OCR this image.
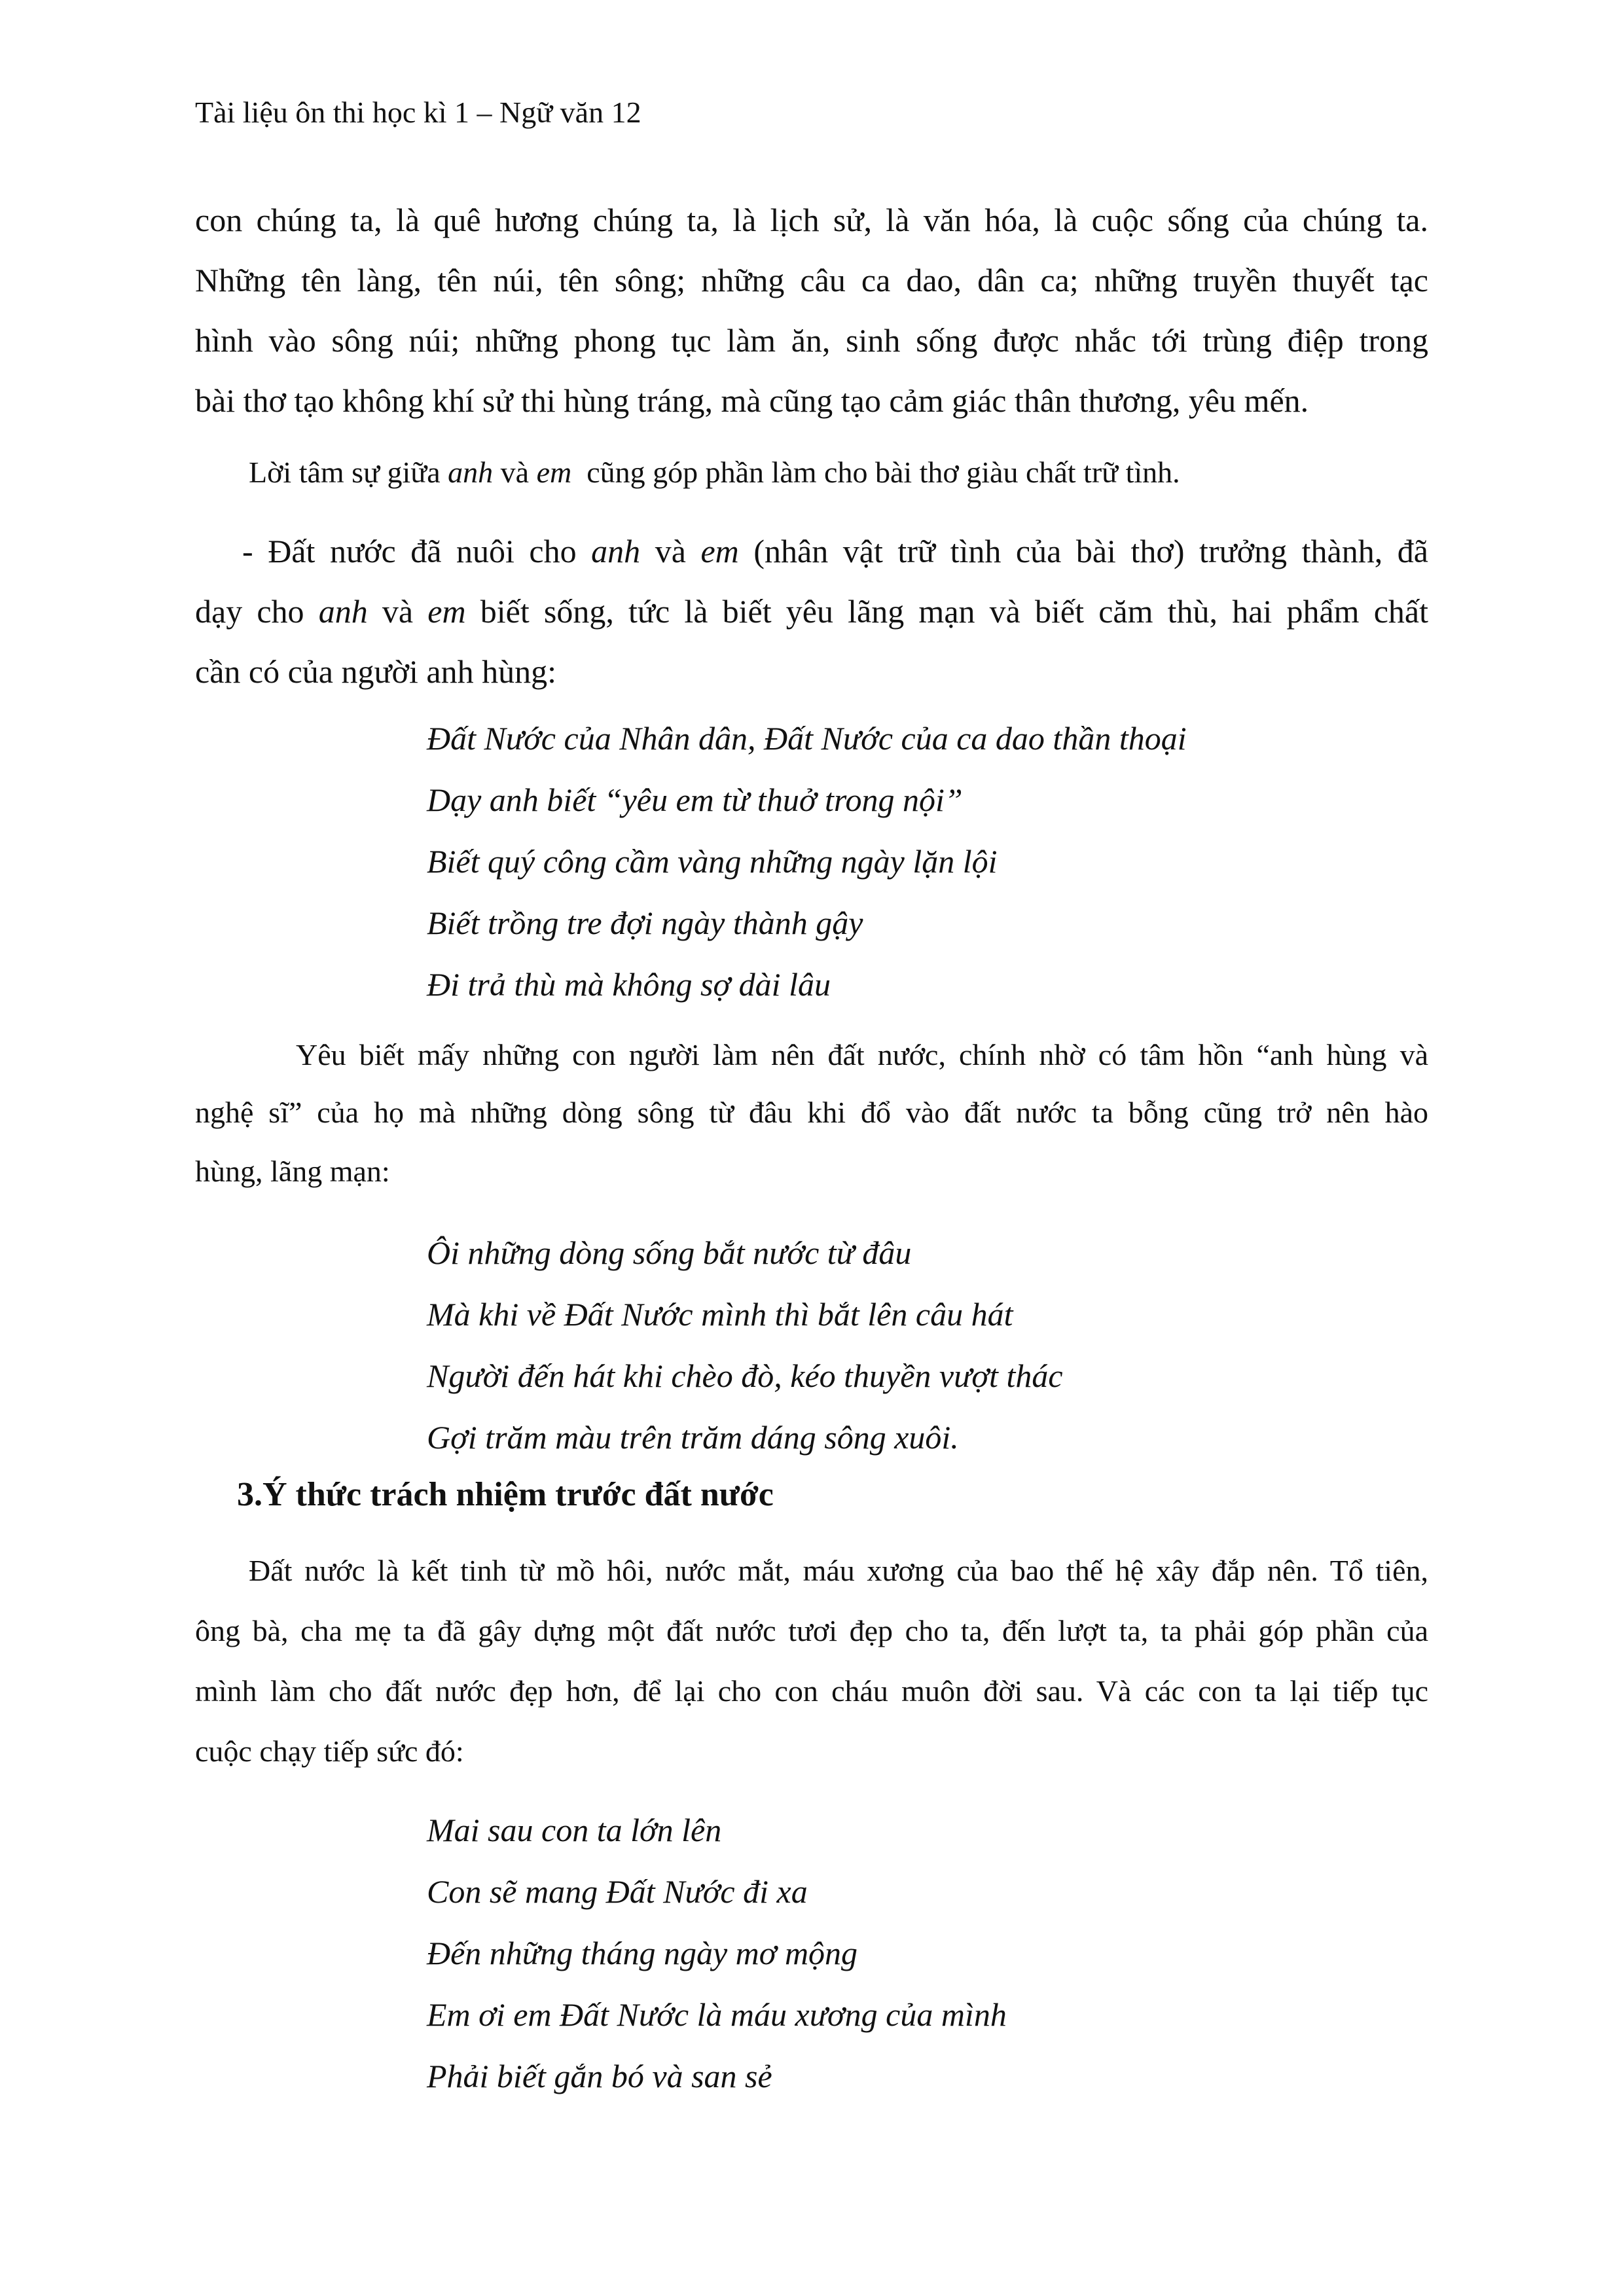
Tài liệu ôn thi học kì 1 – Ngữ văn 12
con chúng ta, là quê hương chúng ta, là lịch sử, là văn hóa, là cuộc sống của chúng ta.
Những tên làng, tên núi, tên sông; những câu ca dao, dân ca; những truyền thuyết tạc
hình vào sông núi; những phong tục làm ăn, sinh sống được nhắc tới trùng điệp trong
bài thơ tạo không khí sử thi hùng tráng, mà cũng tạo cảm giác thân thương, yêu mến.
Lời tâm sự giữa anh và em  cũng góp phần làm cho bài thơ giàu chất trữ tình.
- Đất nước đã nuôi cho anh và em (nhân vật trữ tình của bài thơ) trưởng thành, đã
dạy cho anh và em biết sống, tức là biết yêu lãng mạn và biết căm thù, hai phẩm chất
cần có của người anh hùng:
Đất Nước của Nhân dân, Đất Nước của ca dao thần thoại
Dạy anh biết “yêu em từ thuở trong nội”
Biết quý công cầm vàng những ngày lặn lội
Biết trồng tre đợi ngày thành gậy
Đi trả thù mà không sợ dài lâu
Yêu biết mấy những con người làm nên đất nước, chính nhờ có tâm hồn “anh hùng và
nghệ sĩ” của họ mà những dòng sông từ đâu khi đổ vào đất nước ta bỗng cũng trở nên hào
hùng, lãng mạn:
Ôi những dòng sống bắt nước từ đâu
Mà khi về Đất Nước mình thì bắt lên câu hát
Người đến hát khi chèo đò, kéo thuyền vượt thác
Gợi trăm màu trên trăm dáng sông xuôi.
3.Ý thức trách nhiệm trước đất nước
Đất nước là kết tinh từ mồ hôi, nước mắt, máu xương của bao thế hệ xây đắp nên. Tổ tiên,
ông bà, cha mẹ ta đã gây dựng một đất nước tươi đẹp cho ta, đến lượt ta, ta phải góp phần của
mình làm cho đất nước đẹp hơn, để lại cho con cháu muôn đời sau. Và các con ta lại tiếp tục
cuộc chạy tiếp sức đó:
Mai sau con ta lớn lên
Con sẽ mang Đất Nước đi xa
Đến những tháng ngày mơ mộng
Em ơi em Đất Nước là máu xương của mình
Phải biết gắn bó và san sẻ
